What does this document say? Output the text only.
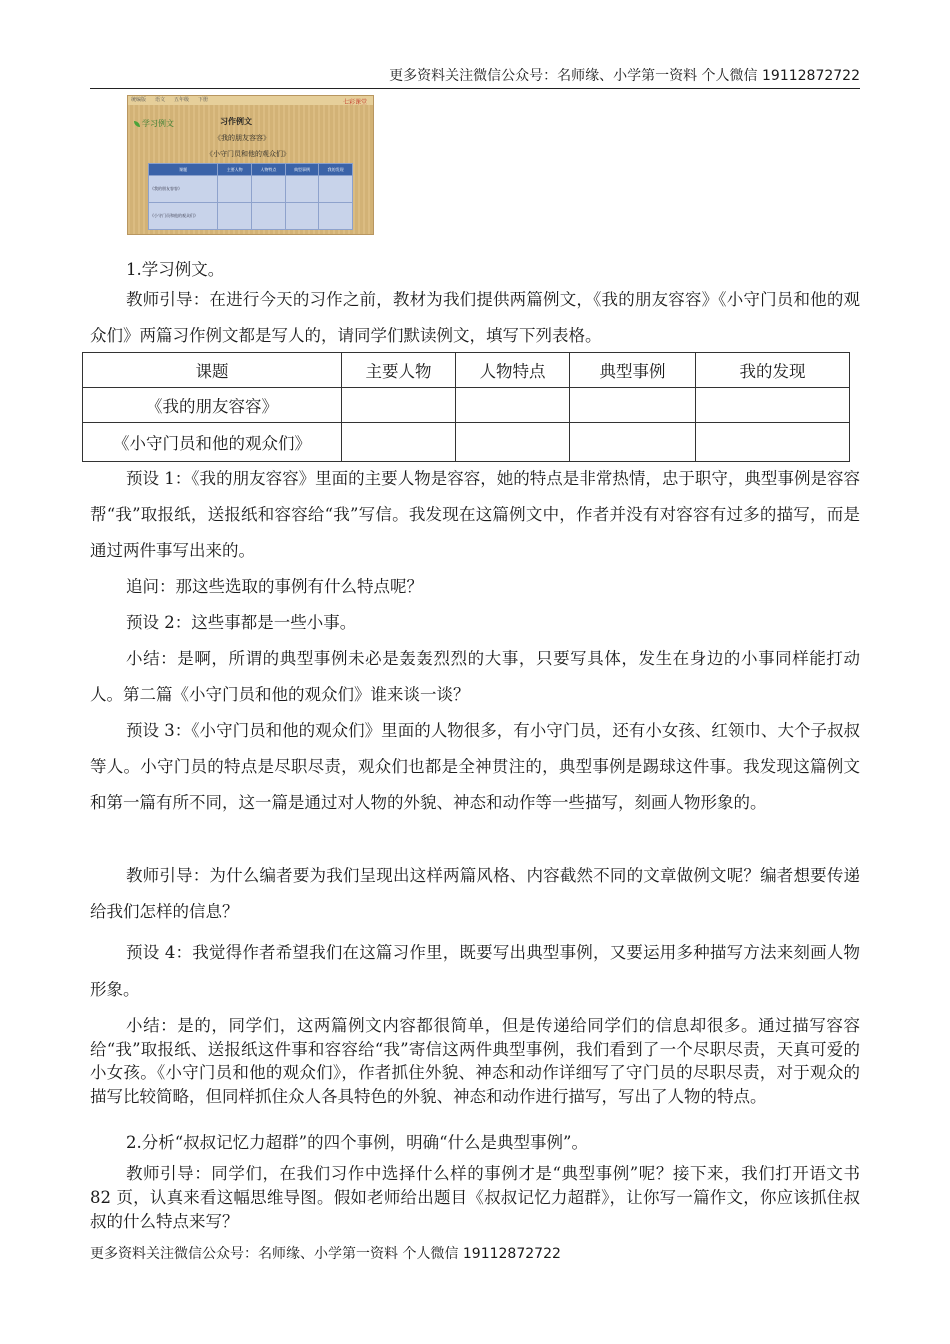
更多资料关注微信公众号：名师缘、小学第一资料 个人微信 19112872722
统编版 语文 五年级 下册	七彩课堂
学习例文	习作例文
《我的朋友容容》
《小守门员和他的观众们》
课题	主要人物	人物特点	典型事例	我的发现
《我的朋友容容》				
《小守门员和他的观众们》				
1.学习例文。
教师引导：在进行今天的习作之前，教材为我们提供两篇例文，《我的朋友容容》《小守门员和他的观众们》两篇习作例文都是写人的，请同学们默读例文，填写下列表格。
课题	主要人物	人物特点	典型事例	我的发现
《我的朋友容容》				
《小守门员和他的观众们》				
预设 1：《我的朋友容容》里面的主要人物是容容，她的特点是非常热情，忠于职守，典型事例是容容帮“我”取报纸，送报纸和容容给“我”写信。我发现在这篇例文中，作者并没有对容容有过多的描写，而是通过两件事写出来的。
追问：那这些选取的事例有什么特点呢？
预设 2：这些事都是一些小事。
小结：是啊，所谓的典型事例未必是轰轰烈烈的大事，只要写具体，发生在身边的小事同样能打动人。第二篇《小守门员和他的观众们》谁来谈一谈？
预设 3：《小守门员和他的观众们》里面的人物很多，有小守门员，还有小女孩、红领巾、大个子叔叔等人。小守门员的特点是尽职尽责，观众们也都是全神贯注的，典型事例是踢球这件事。我发现这篇例文和第一篇有所不同，这一篇是通过对人物的外貌、神态和动作等一些描写，刻画人物形象的。
教师引导：为什么编者要为我们呈现出这样两篇风格、内容截然不同的文章做例文呢？编者想要传递给我们怎样的信息？
预设 4：我觉得作者希望我们在这篇习作里，既要写出典型事例，又要运用多种描写方法来刻画人物形象。
小结：是的，同学们，这两篇例文内容都很简单，但是传递给同学们的信息却很多。通过描写容容给“我”取报纸、送报纸这件事和容容给“我”寄信这两件典型事例，我们看到了一个尽职尽责，天真可爱的小女孩。《小守门员和他的观众们》，作者抓住外貌、神态和动作详细写了守门员的尽职尽责，对于观众的描写比较简略，但同样抓住众人各具特色的外貌、神态和动作进行描写，写出了人物的特点。
2.分析“叔叔记忆力超群”的四个事例，明确“什么是典型事例”。
教师引导：同学们，在我们习作中选择什么样的事例才是“典型事例”呢？接下来，我们打开语文书 82 页，认真来看这幅思维导图。假如老师给出题目《叔叔记忆力超群》，让你写一篇作文，你应该抓住叔叔的什么特点来写？
更多资料关注微信公众号：名师缘、小学第一资料 个人微信 19112872722
